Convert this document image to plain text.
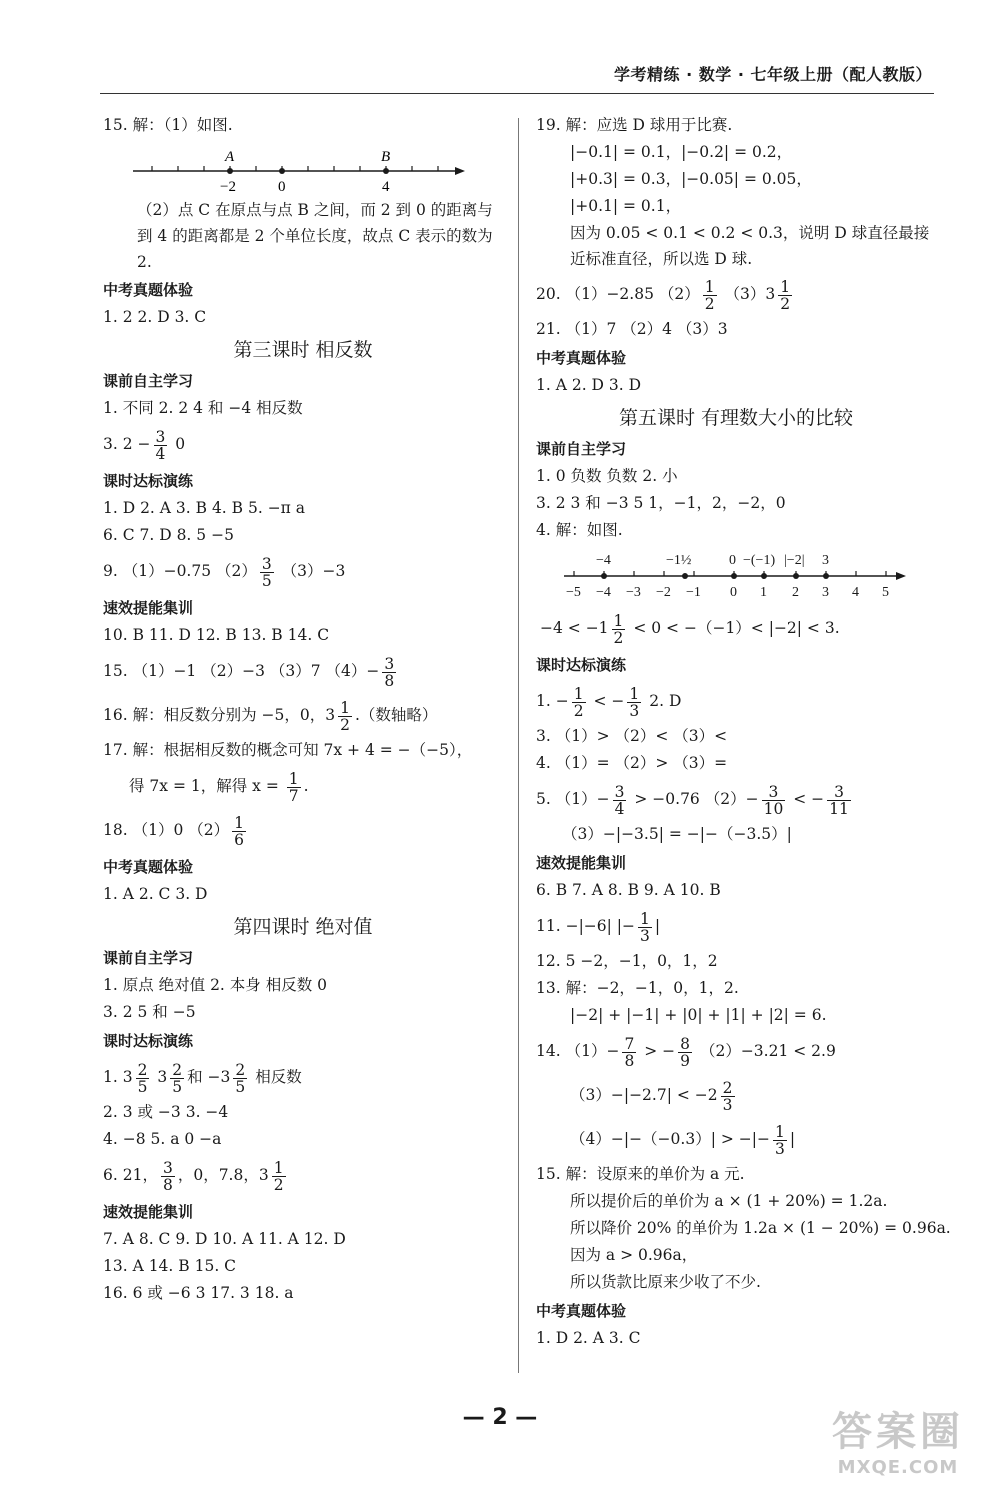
学考精练 · 数学 · 七年级上册（配人教版）
15. 解：（1）如图.
A	B
−2	0	4
（2）点 C 在原点与点 B 之间，而 2 到 0 的距离与到 4 的距离都是 2 个单位长度，故点 C 表示的数为 2.
中考真题体验
1. 2 2. D 3. C
第三课时 相反数
课前自主学习
1. 不同 2. 2 4 和 −4 相反数
3. $2 - \frac{3}{4} 0$
课时达标演练
1. D 2. A 3. B 4. B 5. −π a
6. C 7. D 8. 5 −5
9. （1）−0.75 $(2) \frac{3}{5} (3)-3$
速效提能集训
10. B 11. D 12. B 13. B 14. C
15. （1）−1 （2）−3 （3）7 $(4)- \frac{3}{8}$
16. 解：相反数分别为 −5，0，$3 \frac{1}{2}$ .（数轴略）
17. 解：根据相反数的概念可知 7x + 4 = −（−5），
得 7x = 1，解得 $x = \frac{1}{7}$ .
18. （1）0 $(2) \frac{1}{6}$
中考真题体验
1. A 2. C 3. D
第四课时 绝对值
课前自主学习
1. 原点 绝对值 2. 本身 相反数 0
3. 2 5 和 −5
课时达标演练
1. $3 \frac{2}{5} 3 \frac{2}{5}$ 和 $-3 \frac{2}{5}$ 相反数
2. 3 或 −3 3. −4
4. −8 5. a 0 −a
6. 21， $\frac{3}{8}$ ，0，7.8，$3 \frac{1}{2}$
速效提能集训
7. A 8. C 9. D 10. A 11. A 12. D
13. A 14. B 15. C
16. 6 或 −6 3 17. 3 18. a
19. 解：应选 D 球用于比赛.
|−0.1| = 0.1，|−0.2| = 0.2，
|+0.3| = 0.3，|−0.05| = 0.05，
|+0.1| = 0.1，
因为 0.05 < 0.1 < 0.2 < 0.3，说明 D 球直径最接近标准直径，所以选 D 球.
20. （1）−2.85 $(2) \frac{1}{2} (3)3 \frac{1}{2}$
21. （1）7 （2）4 （3）3
中考真题体验
1. A 2. D 3. D
第五课时 有理数大小的比较
课前自主学习
1. 0 负数 负数 2. 小
3. 2 3 和 −3 5 1，−1，2，−2，0
4. 解：如图.
−4	−1½	0 −(−1) |−2| 3
−5 −4 −3 −2 −1 0 1 2 3 4 5
$-4 < -1 \frac{1}{2} < 0 < -(-1)< |-2| < 3$.
课时达标演练
1. − $\frac{1}{2}$ < − $\frac{1}{3} 2$. D
3. （1）> （2）< （3）<
4. （1）= （2）> （3）=
5. $(1)- \frac{3}{4} > -0.76$ $(2)- \frac{3}{10}$ < − $\frac{3}{11}$
（3）−|−3.5| = −|−（−3.5）|
速效提能集训
6. B 7. A 8. B 9. A 10. B
11. −|−6| |− $\frac{1}{3}$ |
12. 5 −2，−1，0，1，2
13. 解：−2，−1，0，1，2.
|−2| + |−1| + |0| + |1| + |2| = 6.
14. $(1)- \frac{7}{8}$ > − $\frac{8}{9} (2)-3.21 < 2.9$
$(3)-|-2.7| < -2 \frac{2}{3}$
（4）−|−（−0.3）| > −|− $\frac{1}{3}$ |
15. 解：设原来的单价为 a 元.
所以提价后的单价为 a × (1 + 20%) = 1.2a.
所以降价 20% 的单价为 1.2a × (1 − 20%) = 0.96a.
因为 a > 0.96a，
所以货款比原来少收了不少.
中考真题体验
1. D 2. A 3. C
— 2 —	答案圈
MXQE.COM
